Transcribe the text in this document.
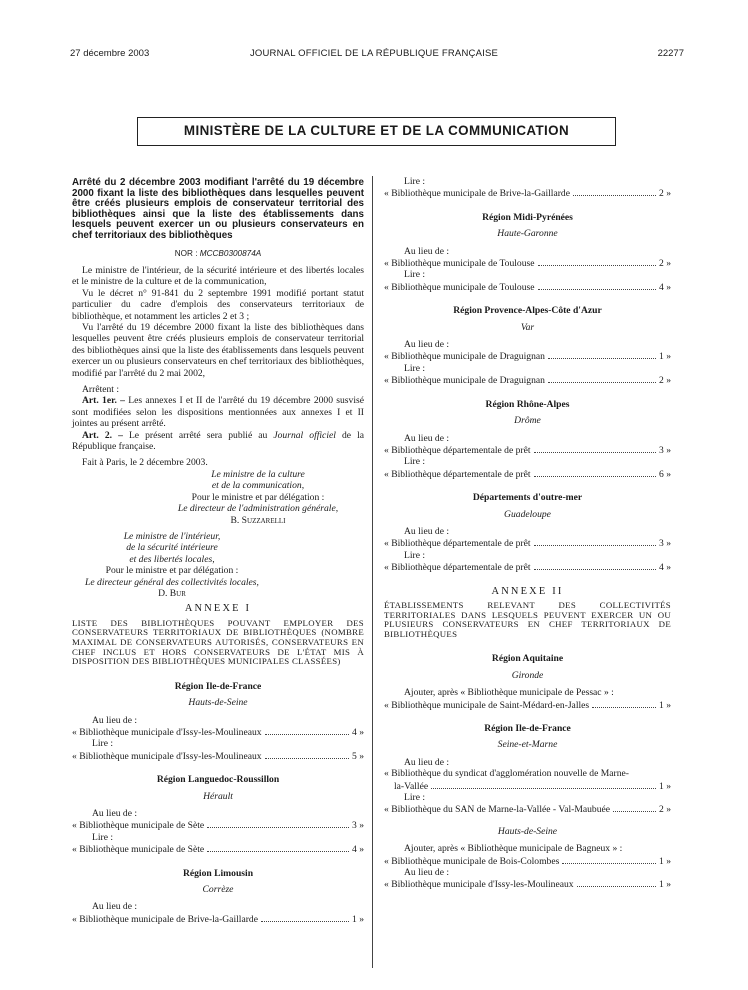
27 décembre 2003	JOURNAL OFFICIEL DE LA RÉPUBLIQUE FRANÇAISE	22277
MINISTÈRE DE LA CULTURE ET DE LA COMMUNICATION
Arrêté du 2 décembre 2003 modifiant l'arrêté du 19 décembre 2000 fixant la liste des bibliothèques dans lesquelles peuvent être créés plusieurs emplois de conservateur territorial des bibliothèques ainsi que la liste des établissements dans lesquels peuvent exercer un ou plusieurs conservateurs en chef territoriaux des bibliothèques
NOR : MCCB0300874A

Le ministre de l'intérieur, de la sécurité intérieure et des libertés locales et le ministre de la culture et de la communication,

Vu le décret n° 91-841 du 2 septembre 1991 modifié portant statut particulier du cadre d'emplois des conservateurs territoriaux de bibliothèque, et notamment les articles 2 et 3 ;

Vu l'arrêté du 19 décembre 2000 fixant la liste des bibliothèques dans lesquelles peuvent être créés plusieurs emplois de conservateur territorial des bibliothèques ainsi que la liste des établissements dans lesquels peuvent exercer un ou plusieurs conservateurs en chef territoriaux des bibliothèques, modifié par l'arrêté du 2 mai 2002,

Arrêtent :

Art. 1er. – Les annexes I et II de l'arrêté du 19 décembre 2000 susvisé sont modifiées selon les dispositions mentionnées aux annexes I et II jointes au présent arrêté.

Art. 2. – Le présent arrêté sera publié au Journal officiel de la République française.

Fait à Paris, le 2 décembre 2003.

Le ministre de la culture
et de la communication,
Pour le ministre et par délégation :
Le directeur de l'administration générale,
B. Suzzarelli
Le ministre de l'intérieur,
de la sécurité intérieure
et des libertés locales,
Pour le ministre et par délégation :
Le directeur général des collectivités locales,
D. Bur
ANNEXE I
LISTE DES BIBLIOTHÈQUES POUVANT EMPLOYER DES CONSERVATEURS TERRITORIAUX DE BIBLIOTHÈQUES (NOMBRE MAXIMAL DE CONSERVATEURS AUTORISÉS, CONSERVATEURS EN CHEF INCLUS ET HORS CONSERVATEURS DE L'ÉTAT MIS À DISPOSITION DES BIBLIOTHÈQUES MUNICIPALES CLASSÉES)
Région Ile-de-France
Hauts-de-Seine
Au lieu de :
« Bibliothèque municipale d'Issy-les-Moulineaux	4 »
Lire :
« Bibliothèque municipale d'Issy-les-Moulineaux	5 »
Région Languedoc-Roussillon
Hérault
Au lieu de :
« Bibliothèque municipale de Sète	3 »
Lire :
« Bibliothèque municipale de Sète	4 »
Région Limousin
Corrèze
Au lieu de :
« Bibliothèque municipale de Brive-la-Gaillarde	1 »
Lire :
« Bibliothèque municipale de Brive-la-Gaillarde	2 »
Région Midi-Pyrénées
Haute-Garonne
Au lieu de :
« Bibliothèque municipale de Toulouse	2 »
Lire :
« Bibliothèque municipale de Toulouse	4 »
Région Provence-Alpes-Côte d'Azur
Var
Au lieu de :
« Bibliothèque municipale de Draguignan	1 »
Lire :
« Bibliothèque municipale de Draguignan	2 »
Région Rhône-Alpes
Drôme
Au lieu de :
« Bibliothèque départementale de prêt	3 »
Lire :
« Bibliothèque départementale de prêt	6 »
Départements d'outre-mer
Guadeloupe
Au lieu de :
« Bibliothèque départementale de prêt	3 »
Lire :
« Bibliothèque départementale de prêt	4 »
ANNEXE II
ÉTABLISSEMENTS RELEVANT DES COLLECTIVITÉS TERRITORIALES DANS LESQUELS PEUVENT EXERCER UN OU PLUSIEURS CONSERVATEURS EN CHEF TERRITORIAUX DE BIBLIOTHÈQUES
Région Aquitaine
Gironde
Ajouter, après « Bibliothèque municipale de Pessac » :
« Bibliothèque municipale de Saint-Médard-en-Jalles	1 »
Région Ile-de-France
Seine-et-Marne
Au lieu de :
« Bibliothèque du syndicat d'agglomération nouvelle de Marne-
la-Vallée	1 »
Lire :
« Bibliothèque du SAN de Marne-la-Vallée - Val-Maubuée	2 »
Hauts-de-Seine
Ajouter, après « Bibliothèque municipale de Bagneux » :
« Bibliothèque municipale de Bois-Colombes	1 »
Au lieu de :
« Bibliothèque municipale d'Issy-les-Moulineaux	1 »
